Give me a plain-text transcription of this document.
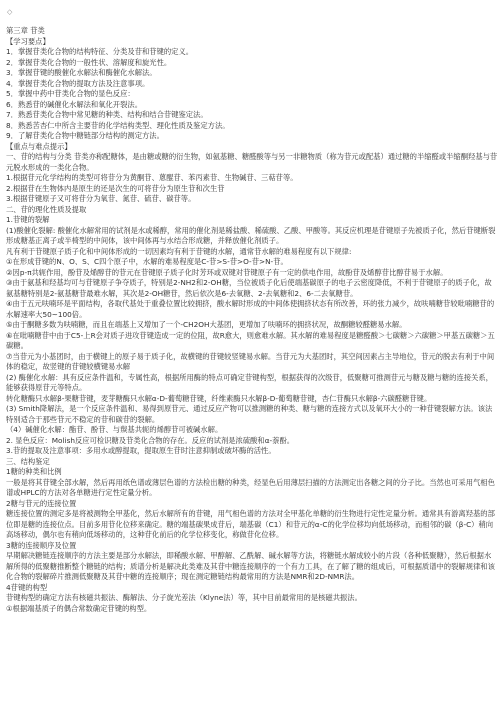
◇

第三章 苷类

【学习要点】

1．掌握苷类化合物的结构特征、分类及苷和苷键的定义。

2．掌握苷类化合物的一般性状、溶解度和旋光性。

3．掌握苷键的酸催化水解法和酶催化水解法。

4．掌握苷类化合物的提取方法及注意事项。

5．掌握中药中苷类化合物的显色反应：

6．熟悉苷的碱催化水解法和氧化开裂法。

7．熟悉苷类化合物中常见糖的种类、结构和结合苷键鉴定法。

8．熟悉苦杏仁中所含主要苷的化学结构类型、理化性质及鉴定方法。

9．了解苷类化合物中糖链部分结构的测定方法。

【重点与难点提示】

一、苷的结构与分类 苷类亦称配糖体，是由糖或糖的衍生物，如氨基糖、糖醛酸等与另一非糖物质（称为苷元或配基）通过糖的半缩醛或半缩酮羟基与苷元脱水形成的一类化合物。

1.根据苷元化学结构的类型可将苷分为黄酮苷、蒽醌苷、苯丙素苷、生物碱苷、三萜苷等。

2.根据苷在生物体内是原生的还是次生的可将苷分为原生苷和次生苷

3.根据苷键原子又可将苷分为氧苷、氮苷、硫苷、碳苷等。

二、苷的理化性质及提取

1.苷键的裂解

(1)酸催化裂解: 酸催化水解常用的试剂是水或稀醇，常用的催化剂是稀盐酸、稀硫酸、乙酸、甲酸等。其反应机理是苷键原子先被质子化，然后苷键断裂形成糖基正离子或半椅型的中间体，该中间体再与水结合形成糖，并释放催化剂质子。

凡有利于苷键原子质子化和中间体形成的一切因素均有利于苷键的水解，通常苷水解的难易程度有以下规律:

①在形成苷键的N、O、S、C四个原子中，水解的难易程度是C-苷>S-苷>O-苷>N-苷。

②因p-π共轭作用，酚苷及烯醇苷的苷元在苷键原子质子化时芳环或双键对苷键原子有一定的供电作用，故酚苷及烯醇苷比醇苷易于水解。

③由于氨基和羟基均可与苷键原子争夺质子，特别是2-NH2和2-OH糖，当位被质子化后使端基碳原子的电子云密度降低，不利于苷键原子的质子化，故氨基糖特别是2-氨基糖苷最难水解，其次是2-OH糖苷，然后依次是6-去氧糖、2-去氧糖和2、6-二去氧糖苷。

④由于五元呋喃环是平面结构，各取代基处于重叠位置比较拥挤，酸水解时形成的中间体使拥挤状态有所改善，环的张力减少，故呋喃糖苷较吡喃糖苷的水解速率大50~100倍。

⑤由于酮糖多数为呋喃糖，而且在端基上又增加了一个-CH2OH大基团，更增加了呋喃环的拥挤状况，故酮糖较醛糖易水解。

⑥在吡喃糖苷中由于C5-上R会对质子进攻苷键造成一定的位阻，故R愈大，则愈难水解。其水解的难易程度是糖醛酸＞七碳糖＞六碳糖＞甲基五碳糖＞五碳糖。

⑦当苷元为小基团时，由于横键上的原子易于质子化，故横键的苷键较竖键易水解。当苷元为大基团时，其空间因素占主导地位，苷元的脱去有利于中间体的稳定，故竖键的苷键较横键易水解

(2) 酶催化水解：具有反应条件温和，专属性高，根据所用酶的特点可确定苷键构型，根据获得的次级苷，低聚糖可推测苷元与糖及糖与糖的连接关系，能够获得原苷元等特点。

转化糖酶只水解β-果糖苷键，麦芽糖酶只水解α-D-葡萄糖苷键，纤维素酶只水解β-D-葡萄糖苷键，杏仁苷酶只水解β-六碳醛糖苷键。

(3) Smith降解法，是一个反应条件温和、易得到原苷元、通过反应产物可以推测糖的种类、糖与糖的连接方式以及氧环大小的一种苷键裂解方法。该法特别适合于那些苷元不稳定的苷和碳苷的裂解。

（4）碱催化水解：酯苷、酚苷、与羰基共轭的烯醇苷可被碱水解。

2. 显色反应：Molish反应可检识糖及苷类化合物的存在。反应的试剂是浓硫酸和α-萘酚。

3.苷的提取及注意事项：多用水或醇提取，提取原生苷时注意抑制或破坏酶的活性。

三、结构鉴定

1糖的种类和比例

一般是将其苷键全部水解，然后再用纸色谱或薄层色谱的方法检出糖的种类，经显色后用薄层扫描的方法测定出各糖之间的分子比。当然也可采用气相色谱或HPLC的方法对各单糖进行定性定量分析。

2糖与苷元的连接位置

糖连接位置的测定多是将被测物全甲基化，然后水解所有的苷键，用气相色谱的方法对全甲基化单糖的衍生物进行定性定量分析。通常具有游离羟基的部位即是糖的连接位点。目前多用苷化位移来确定。糖的端基碳果成苷后，端基碳（C1）和苷元的α-C的化学位移均向低场移动，而相邻的碳（β-C）稍向高场移动，偶尔也有稍向低场移动的，这种苷化前后的化学位移变化，称做苷化位移。

3糖的连接顺序及位置

早期解决糖链连接顺序的方法主要是部分水解法，即稀酸水解、甲醇解、乙酰解、碱水解等方法，将糖链水解成较小的片段（各种低聚糖），然后根据水解所得的低聚糖推断整个糖链的结构；质谱分析是解决此类难及其苷中糖连接顺序的一个有力工具，在了解了糖的组成后，可根据质谱中的裂解规律和该化合物的裂解碎片推测低聚糖及其苷中糖的连接顺序；现在测定糖链结构最常用的方法是NMR和2D-NMR法。

4苷键的构型

苷键构型的确定方法有核磁共振法、酶解法、分子旋光差法（Klyne法）等，其中目前最常用的是核磁共振法。

①根据端基质子的偶合常数确定苷键的构型。
